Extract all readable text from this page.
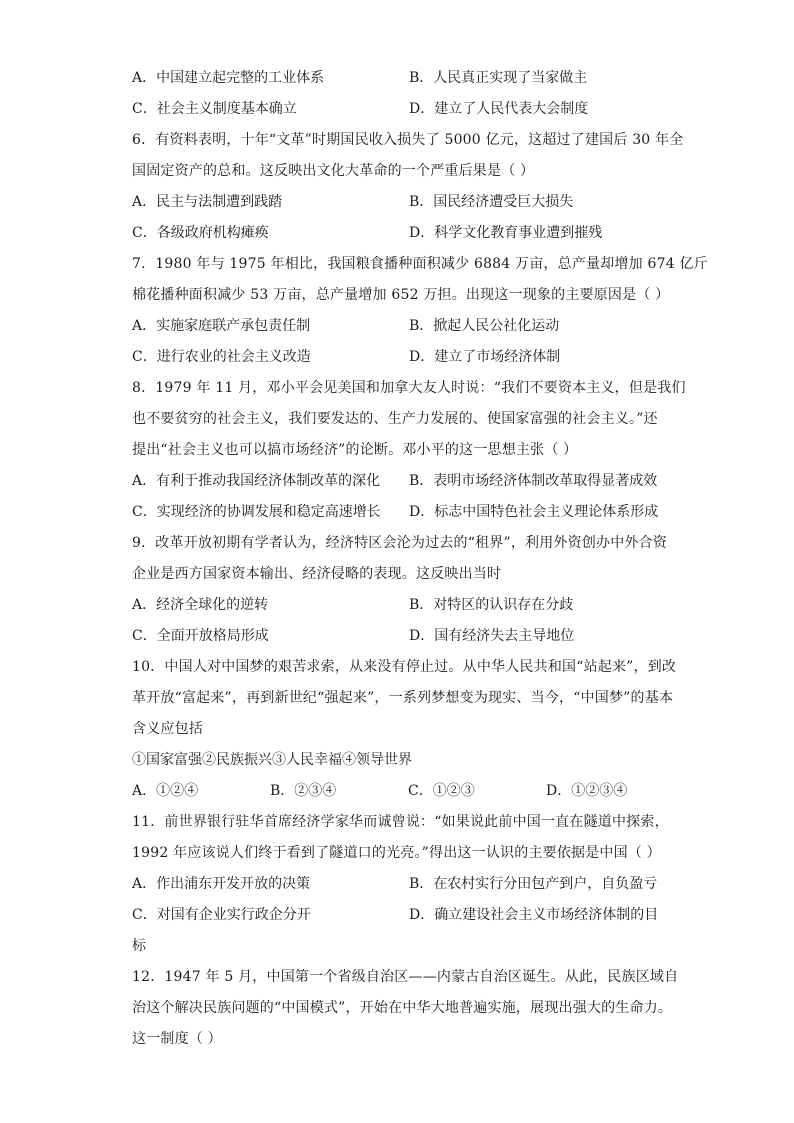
A．中国建立起完整的工业体系	B．人民真正实现了当家做主
C．社会主义制度基本确立	D．建立了人民代表大会制度
6．有资料表明，十年“文革”时期国民收入损失了 5000 亿元，这超过了建国后 30 年全
国固定资产的总和。这反映出文化大革命的一个严重后果是（ ）
A．民主与法制遭到践踏	B．国民经济遭受巨大损失
C．各级政府机构瘫痪	D．科学文化教育事业遭到摧残
7．1980 年与 1975 年相比，我国粮食播种面积减少 6884 万亩，总产量却增加 674 亿斤
棉花播种面积减少 53 万亩，总产量增加 652 万担。出现这一现象的主要原因是（ ）
A．实施家庭联产承包责任制	B．掀起人民公社化运动
C．进行农业的社会主义改造	D．建立了市场经济体制
8．1979 年 11 月，邓小平会见美国和加拿大友人时说：“我们不要资本主义，但是我们
也不要贫穷的社会主义，我们要发达的、生产力发展的、使国家富强的社会主义。”还
提出“社会主义也可以搞市场经济”的论断。邓小平的这一思想主张（ ）
A．有利于推动我国经济体制改革的深化	B．表明市场经济体制改革取得显著成效
C．实现经济的协调发展和稳定高速增长	D．标志中国特色社会主义理论体系形成
9．改革开放初期有学者认为，经济特区会沦为过去的“租界”，利用外资创办中外合资
企业是西方国家资本输出、经济侵略的表现。这反映出当时
A．经济全球化的逆转	B．对特区的认识存在分歧
C．全面开放格局形成	D．国有经济失去主导地位
10．中国人对中国梦的艰苦求索，从来没有停止过。从中华人民共和国“站起来”，到改
革开放“富起来”，再到新世纪“强起来”，一系列梦想变为现实、当今，“中国梦”的基本
含义应包括
①国家富强②民族振兴③人民幸福④领导世界
A．①②④	B．②③④	C．①②③	D．①②③④
11．前世界银行驻华首席经济学家华而诚曾说：“如果说此前中国一直在隧道中探索，
1992 年应该说人们终于看到了隧道口的光亮。”得出这一认识的主要依据是中国（ ）
A．作出浦东开发开放的决策	B．在农村实行分田包产到户，自负盈亏
C．对国有企业实行政企分开	D．确立建设社会主义市场经济体制的目
标
12．1947 年 5 月，中国第一个省级自治区——内蒙古自治区诞生。从此，民族区域自
治这个解决民族问题的“中国模式”，开始在中华大地普遍实施，展现出强大的生命力。
这一制度（ ）
